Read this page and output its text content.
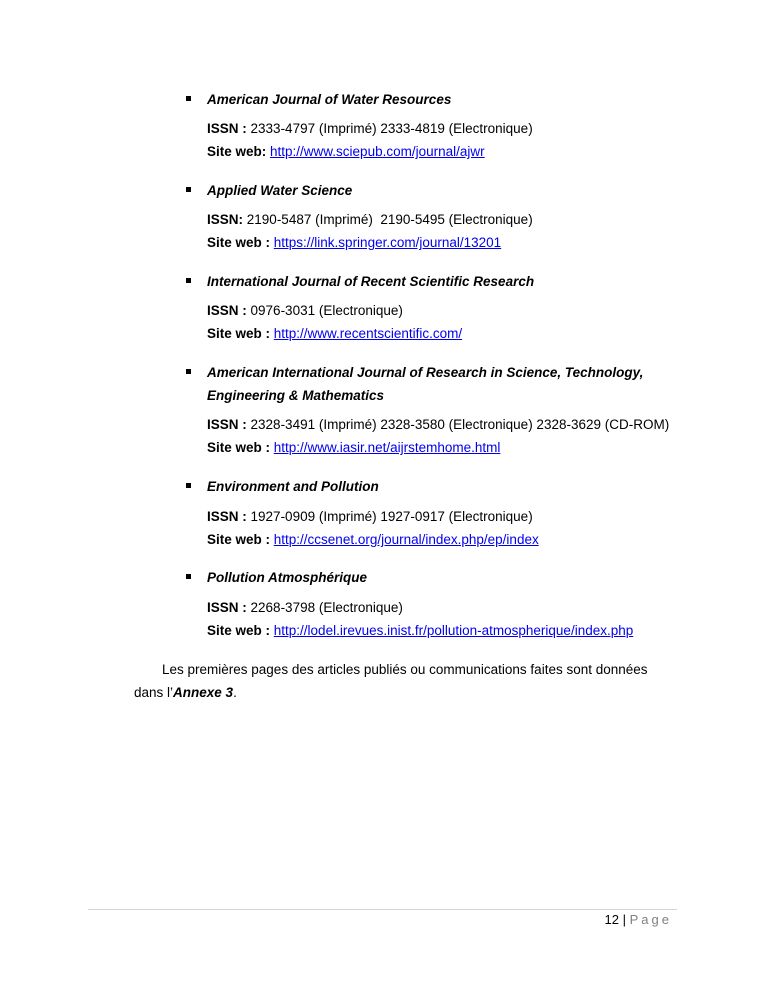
American Journal of Water Resources
ISSN : 2333-4797 (Imprimé) 2333-4819 (Electronique)
Site web: http://www.sciepub.com/journal/ajwr
Applied Water Science
ISSN: 2190-5487 (Imprimé)  2190-5495 (Electronique)
Site web : https://link.springer.com/journal/13201
International Journal of Recent Scientific Research
ISSN : 0976-3031 (Electronique)
Site web : http://www.recentscientific.com/
American International Journal of Research in Science, Technology,
Engineering & Mathematics
ISSN : 2328-3491 (Imprimé) 2328-3580 (Electronique) 2328-3629 (CD-ROM)
Site web : http://www.iasir.net/aijrstemhome.html
Environment and Pollution
ISSN : 1927-0909 (Imprimé) 1927-0917 (Electronique)
Site web : http://ccsenet.org/journal/index.php/ep/index
Pollution Atmosphérique
ISSN : 2268-3798 (Electronique)
Site web : http://lodel.irevues.inist.fr/pollution-atmospherique/index.php
Les premières pages des articles publiés ou communications faites sont données
dans l’Annexe 3.
12 | Page
